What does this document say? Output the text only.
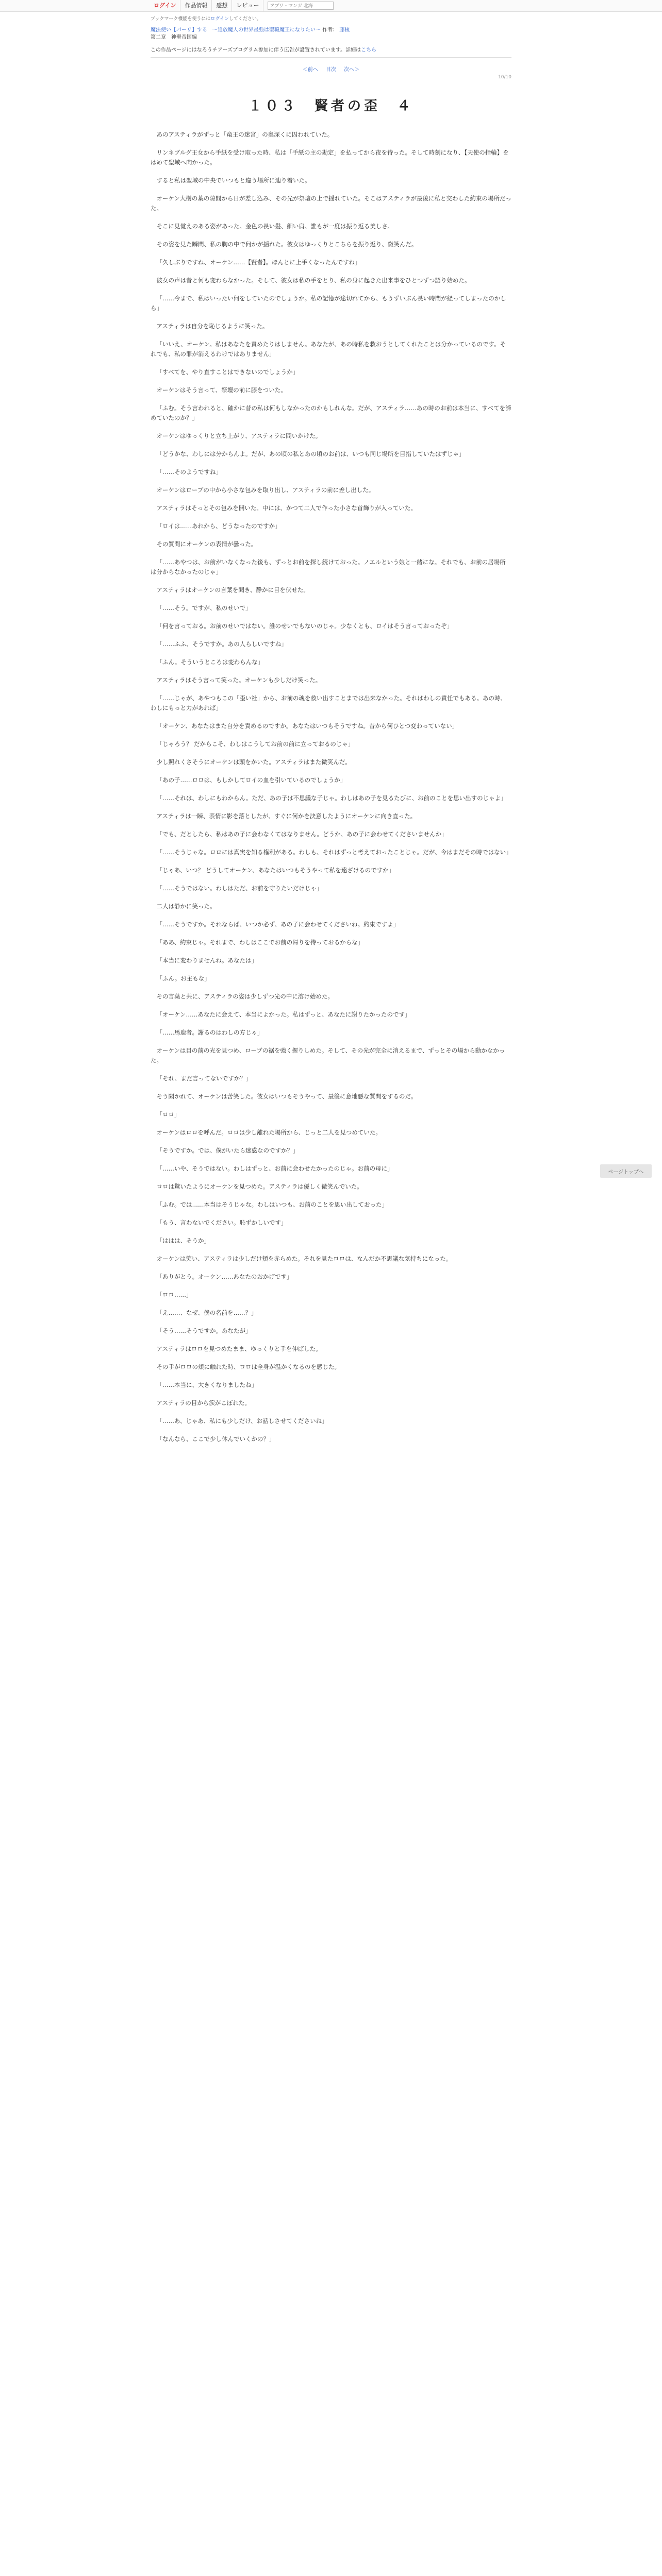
ログイン	作品情報	感想	レビュー
アプリ・マンガ 北海
ブックマーク機能を使うにはログインしてください。
魔法使い【パーリ】する　～追放魔人の世界最強は聖職魔王になりたい～ 作者： 藤榎
第二章　神聖帝国編
この作品ページにはなろうチアーズプログラム参加に伴う広告が設置されています。詳細はこちら
＜前へ 目次 次へ＞
10/10
１０３　賢者の歪　４

あのアスティラがずっと「竜王の迷宮」の奥深くに囚われていた。

リンネブルグ王女から手紙を受け取った時、私は「手紙の主の勘定」を払ってから夜を待った。そして時刻になり、【天使の指輪】をはめて聖域へ向かった。

すると私は聖域の中央でいつもと違う場所に辿り着いた。

オーケン大樹の葉の隙間から日が差し込み、その光が祭壇の上で揺れていた。そこはアスティラが最後に私と交わした約束の場所だった。

そこに見覚えのある姿があった。金色の長い髪、細い肩、誰もが一度は振り返る美しさ。

その姿を見た瞬間、私の胸の中で何かが揺れた。彼女はゆっくりとこちらを振り返り、微笑んだ。

「久しぶりですね、オーケン……【賢者】。ほんとに上手くなったんですね」

彼女の声は昔と何も変わらなかった。そして、彼女は私の手をとり、私の身に起きた出来事をひとつずつ語り始めた。

「……今まで、私はいったい何をしていたのでしょうか。私の記憶が途切れてから、もうずいぶん長い時間が経ってしまったのかしら」

アスティラは自分を恥じるように笑った。

「いいえ、オーケン。私はあなたを責めたりはしません。あなたが、あの時私を救おうとしてくれたことは分かっているのです。それでも、私の罪が消えるわけではありません」

「すべてを、やり直すことはできないのでしょうか」

オーケンはそう言って、祭壇の前に膝をついた。

「ふむ。そう言われると、確かに昔の私は何もしなかったのかもしれんな。だが、アスティラ……あの時のお前は本当に、すべてを諦めていたのか？」

オーケンはゆっくりと立ち上がり、アスティラに問いかけた。

「どうかな、わしには分からんよ。だが、あの頃の私とあの頃のお前は、いつも同じ場所を目指していたはずじゃ」

「……そのようですね」

オーケンはローブの中から小さな包みを取り出し、アスティラの前に差し出した。

アスティラはそっとその包みを開いた。中には、かつて二人で作った小さな首飾りが入っていた。

「ロイは……あれから、どうなったのですか」

その質問にオーケンの表情が曇った。

「……あやつは、お前がいなくなった後も、ずっとお前を探し続けておった。ノエルという娘と一緒にな。それでも、お前の居場所は分からなかったのじゃ」

アスティラはオーケンの言葉を聞き、静かに目を伏せた。

「……そう。ですが、私のせいで」

「何を言っておる。お前のせいではない。誰のせいでもないのじゃ。少なくとも、ロイはそう言っておったぞ」

「……ふふ、そうですか。あの人らしいですね」

「ふん。そういうところは変わらんな」

アスティラはそう言って笑った。オーケンも少しだけ笑った。

「……じゃが、あやつもこの「歪い社」から、お前の魂を救い出すことまでは出来なかった。それはわしの責任でもある。あの時、わしにもっと力があれば」

「オーケン、あなたはまた自分を責めるのですか。あなたはいつもそうですね。昔から何ひとつ変わっていない」

「じゃろう？ だからこそ、わしはこうしてお前の前に立っておるのじゃ」

少し照れくさそうにオーケンは頭をかいた。アスティラはまた微笑んだ。

「あの子……ロロは、もしかしてロイの血を引いているのでしょうか」

「……それは、わしにもわからん。ただ、あの子は不思議な子じゃ。わしはあの子を見るたびに、お前のことを思い出すのじゃよ」

アスティラは一瞬、表情に影を落としたが、すぐに何かを決意したようにオーケンに向き直った。

「でも、だとしたら、私はあの子に会わなくてはなりません。どうか、あの子に会わせてくださいませんか」

「……そうじゃな。ロロには真実を知る権利がある。わしも、それはずっと考えておったことじゃ。だが、今はまだその時ではない」

「じゃあ、いつ？ どうしてオーケン、あなたはいつもそうやって私を遠ざけるのですか」

「……そうではない。わしはただ、お前を守りたいだけじゃ」

二人は静かに笑った。

「……そうですか。それならば、いつか必ず、あの子に会わせてくださいね。約束ですよ」

「ああ、約束じゃ。それまで、わしはここでお前の帰りを待っておるからな」

「本当に変わりませんね。あなたは」

「ふん。お主もな」

その言葉と共に、アスティラの姿は少しずつ光の中に溶け始めた。

「オーケン……あなたに会えて、本当によかった。私はずっと、あなたに謝りたかったのです」

「……馬鹿者。謝るのはわしの方じゃ」

オーケンは目の前の光を見つめ、ローブの裾を強く握りしめた。そして、その光が完全に消えるまで、ずっとその場から動かなかった。

「それ、まだ言ってないですか？」

そう聞かれて、オーケンは苦笑した。彼女はいつもそうやって、最後に意地悪な質問をするのだ。

「ロロ」

オーケンはロロを呼んだ。ロロは少し離れた場所から、じっと二人を見つめていた。

「そうですか。では、僕がいたら迷惑なのですか？」

「……いや、そうではない。わしはずっと、お前に会わせたかったのじゃ。お前の母に」

ロロは驚いたようにオーケンを見つめた。アスティラは優しく微笑んでいた。

「ふむ。では……本当はそうじゃな。わしはいつも、お前のことを思い出しておった」

「もう、言わないでください。恥ずかしいです」

「ははは、そうか」

オーケンは笑い、アスティラは少しだけ頬を赤らめた。それを見たロロは、なんだか不思議な気持ちになった。

「ありがとう。オーケン……あなたのおかげです」

「ロロ……」

「え……、なぜ、僕の名前を……？」

「そう……そうですか。あなたが」

アスティラはロロを見つめたまま、ゆっくりと手を伸ばした。

その手がロロの頬に触れた時、ロロは全身が温かくなるのを感じた。

「……本当に、大きくなりましたね」

アスティラの目から涙がこぼれた。

「……あ、じゃあ、私にも少しだけ、お話しさせてくださいね」

「なんなら、ここで少し休んでいくかの？」

ページトップへ
